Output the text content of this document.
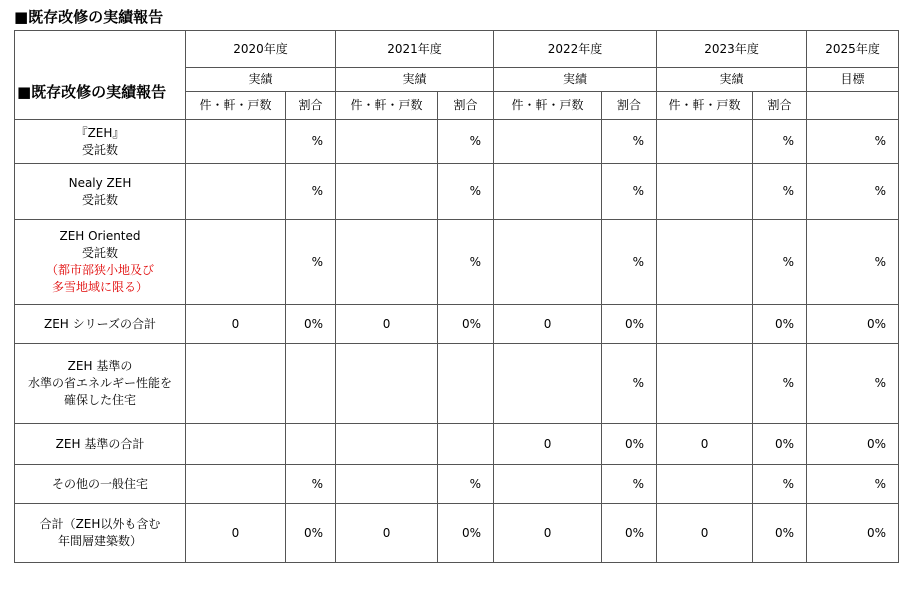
■既存改修の実績報告
■既存改修の実績報告	2020年度		2021年度		2022年度		2023年度		2025年度
	実績		実績		実績		実績		目標
	件・軒・戸数	割合	件・軒・戸数	割合	件・軒・戸数	割合	件・軒・戸数	割合	

『ZEH』
受託数		%		%		%		%	%

Nealy ZEH
受託数		%		%		%		%	%

ZEH Oriented
受託数
（都市部狭小地及び
多雪地域に限る）		%		%		%		%	%

ZEH シリーズの合計	0	0%	0	0%	0	0%		0%	0%

ZEH 基準の
水準の省エネルギー性能を
確保した住宅						%		%	%

ZEH 基準の合計					0	0%	0	0%	0%

その他の一般住宅		%		%		%		%	%

合計（ZEH以外も含む
年間層建築数）	0	0%	0	0%	0	0%	0	0%	0%
